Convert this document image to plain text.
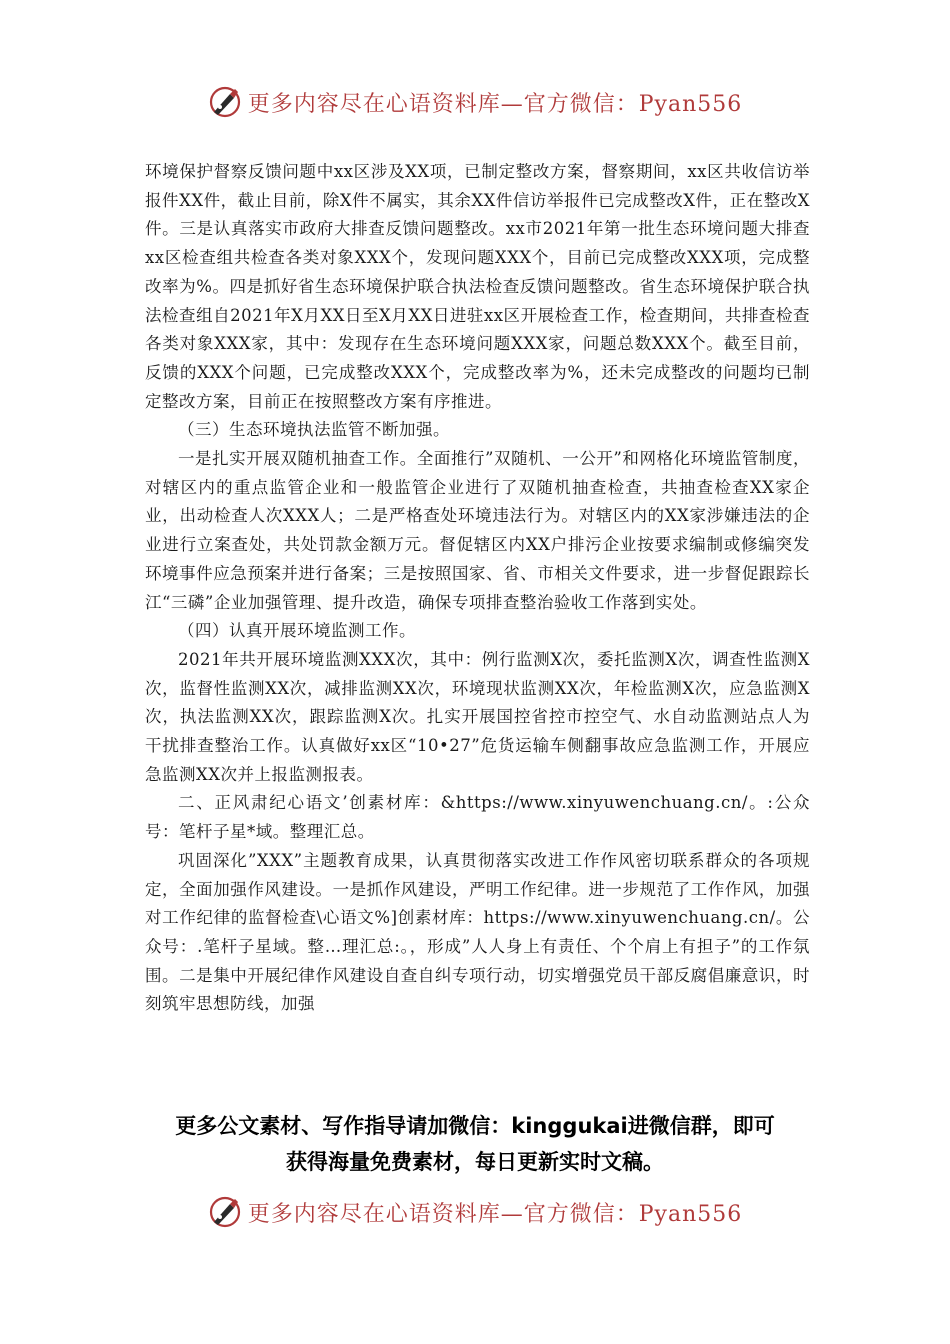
更多内容尽在心语资料库—官方微信：Pyan556

环境保护督察反馈问题中xx区涉及XX项，已制定整改方案，督察期间，xx区共收信访举报件XX件，截止目前，除X件不属实，其余XX件信访举报件已完成整改X件，正在整改X件。三是认真落实市政府大排查反馈问题整改。xx市2021年第一批生态环境问题大排查xx区检查组共检查各类对象XXX个，发现问题XXX个，目前已完成整改XXX项，完成整改率为%。四是抓好省生态环境保护联合执法检查反馈问题整改。省生态环境保护联合执法检查组自2021年X月XX日至X月XX日进驻xx区开展检查工作，检查期间，共排查检查各类对象XXX家，其中：发现存在生态环境问题XXX家，问题总数XXX个。截至目前，反馈的XXX个问题，已完成整改XXX个，完成整改率为%，还未完成整改的问题均已制定整改方案，目前正在按照整改方案有序推进。

（三）生态环境执法监管不断加强。

一是扎实开展双随机抽查工作。全面推行”双随机、一公开”和网格化环境监管制度，对辖区内的重点监管企业和一般监管企业进行了双随机抽查检查，共抽查检查XX家企业，出动检查人次XXX人；二是严格查处环境违法行为。对辖区内的XX家涉嫌违法的企业进行立案查处，共处罚款金额万元。督促辖区内XX户排污企业按要求编制或修编突发环境事件应急预案并进行备案；三是按照国家、省、市相关文件要求，进一步督促跟踪长江“三磷”企业加强管理、提升改造，确保专项排查整治验收工作落到实处。

（四）认真开展环境监测工作。

2021年共开展环境监测XXX次，其中：例行监测X次，委托监测X次，调查性监测X次，监督性监测XX次，减排监测XX次，环境现状监测XX次，年检监测X次，应急监测X次，执法监测XX次，跟踪监测X次。扎实开展国控省控市控空气、水自动监测站点人为干扰排查整治工作。认真做好xx区“10•27”危货运输车侧翻事故应急监测工作，开展应急监测XX次并上报监测报表。

二、正风肃纪心语文’创素材库：&https://www.xinyuwenchuang.cn/。:公众号：笔杆子星*域。整理汇总。

巩固深化”XXX”主题教育成果，认真贯彻落实改进工作作风密切联系群众的各项规定，全面加强作风建设。一是抓作风建设，严明工作纪律。进一步规范了工作作风，加强对工作纪律的监督检查\心语文%]创素材库：https://www.xinyuwenchuang.cn/。公众号：.笔杆子星域。整…理汇总:。，形成”人人身上有责任、个个肩上有担子”的工作氛围。二是集中开展纪律作风建设自查自纠专项行动，切实增强党员干部反腐倡廉意识，时刻筑牢思想防线，加强

更多公文素材、写作指导请加微信：kinggukai进微信群，即可
获得海量免费素材，每日更新实时文稿。
更多内容尽在心语资料库—官方微信：Pyan556
